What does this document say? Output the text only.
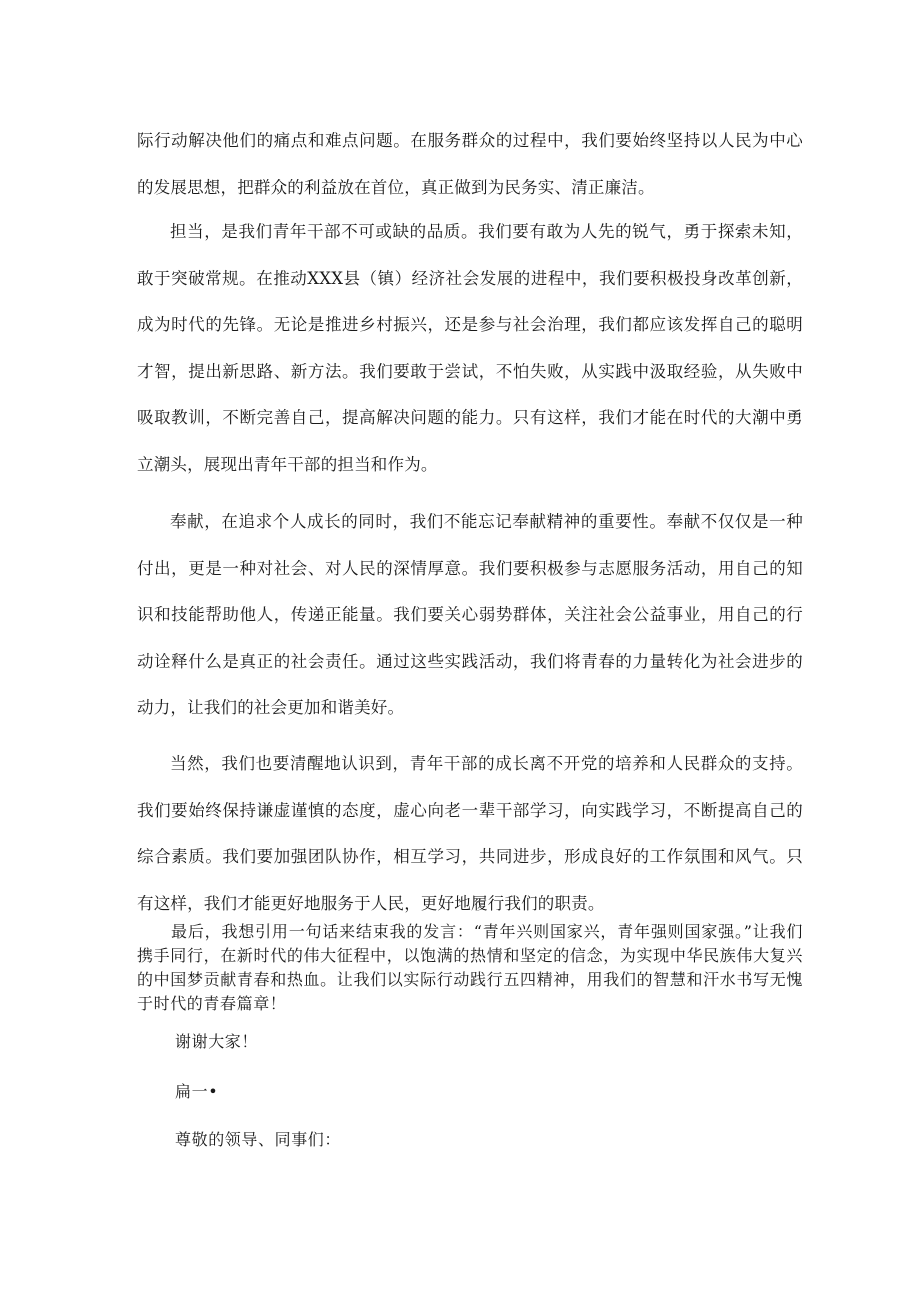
际行动解决他们的痛点和难点问题。在服务群众的过程中，我们要始终坚持以人民为中心的发展思想，把群众的利益放在首位，真正做到为民务实、清正廉洁。

担当，是我们青年干部不可或缺的品质。我们要有敢为人先的锐气，勇于探索未知，敢于突破常规。在推动XXX县（镇）经济社会发展的进程中，我们要积极投身改革创新，成为时代的先锋。无论是推进乡村振兴，还是参与社会治理，我们都应该发挥自己的聪明才智，提出新思路、新方法。我们要敢于尝试，不怕失败，从实践中汲取经验，从失败中吸取教训，不断完善自己，提高解决问题的能力。只有这样，我们才能在时代的大潮中勇立潮头，展现出青年干部的担当和作为。

奉献，在追求个人成长的同时，我们不能忘记奉献精神的重要性。奉献不仅仅是一种付出，更是一种对社会、对人民的深情厚意。我们要积极参与志愿服务活动，用自己的知识和技能帮助他人，传递正能量。我们要关心弱势群体，关注社会公益事业，用自己的行动诠释什么是真正的社会责任。通过这些实践活动，我们将青春的力量转化为社会进步的动力，让我们的社会更加和谐美好。

当然，我们也要清醒地认识到，青年干部的成长离不开党的培养和人民群众的支持。我们要始终保持谦虚谨慎的态度，虚心向老一辈干部学习，向实践学习，不断提高自己的综合素质。我们要加强团队协作，相互学习，共同进步，形成良好的工作氛围和风气。只有这样，我们才能更好地服务于人民，更好地履行我们的职责。

最后，我想引用一句话来结束我的发言：“青年兴则国家兴，青年强则国家强。”让我们携手同行，在新时代的伟大征程中，以饱满的热情和坚定的信念，为实现中华民族伟大复兴的中国梦贡献青春和热血。让我们以实际行动践行五四精神，用我们的智慧和汗水书写无愧于时代的青春篇章！

谢谢大家！

扁一•

尊敬的领导、同事们：
